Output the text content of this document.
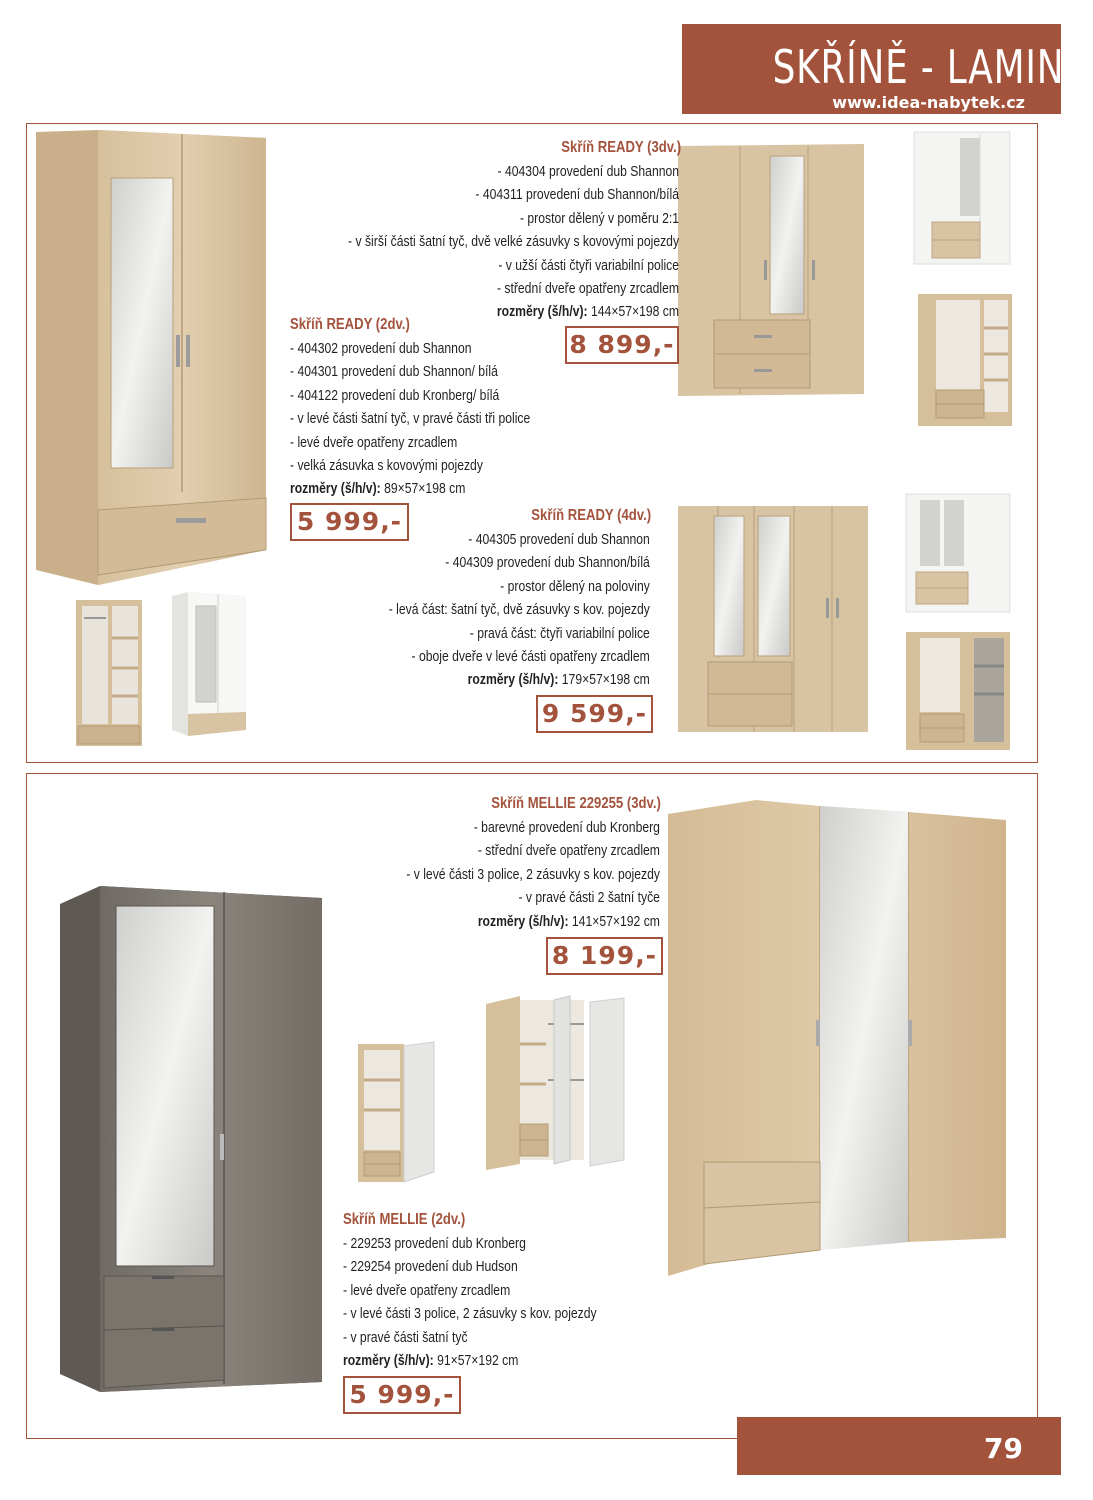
SKŘÍNĚ - LAMINO
www.idea-nabytek.cz
Skříň READY (3dv.)
- 404304 provedení dub Shannon
- 404311 provedení dub Shannon/bílá
- prostor dělený v poměru 2:1
- v širší části šatní tyč, dvě velké zásuvky s kovovými pojezdy
- v užší části čtyři variabilní police
- střední dveře opatřeny zrcadlem
rozměry (š/h/v): 144×57×198 cm
8 899,-
Skříň READY (2dv.)
- 404302 provedení dub Shannon
- 404301 provedení dub Shannon/ bílá
- 404122 provedení dub Kronberg/ bílá
- v levé části šatní tyč, v pravé části tři police
- levé dveře opatřeny zrcadlem
- velká zásuvka s kovovými pojezdy
rozměry (š/h/v): 89×57×198 cm
5 999,-	Skříň READY (4dv.)
- 404305 provedení dub Shannon
- 404309 provedení dub Shannon/bílá
- prostor dělený na poloviny
- levá část: šatní tyč, dvě zásuvky s kov. pojezdy
- pravá část: čtyři variabilní police
- oboje dveře v levé části opatřeny zrcadlem
rozměry (š/h/v): 179×57×198 cm
9 599,-
Skříň MELLIE 229255 (3dv.)
- barevné provedení dub Kronberg
- střední dveře opatřeny zrcadlem
- v levé části 3 police, 2 zásuvky s kov. pojezdy
- v pravé části 2 šatní tyče
rozměry (š/h/v): 141×57×192 cm
8 199,-
Skříň MELLIE (2dv.)
- 229253 provedení dub Kronberg
- 229254 provedení dub Hudson
- levé dveře opatřeny zrcadlem
- v levé části 3 police, 2 zásuvky s kov. pojezdy
- v pravé části šatní tyč
rozměry (š/h/v): 91×57×192 cm
5 999,-
79
